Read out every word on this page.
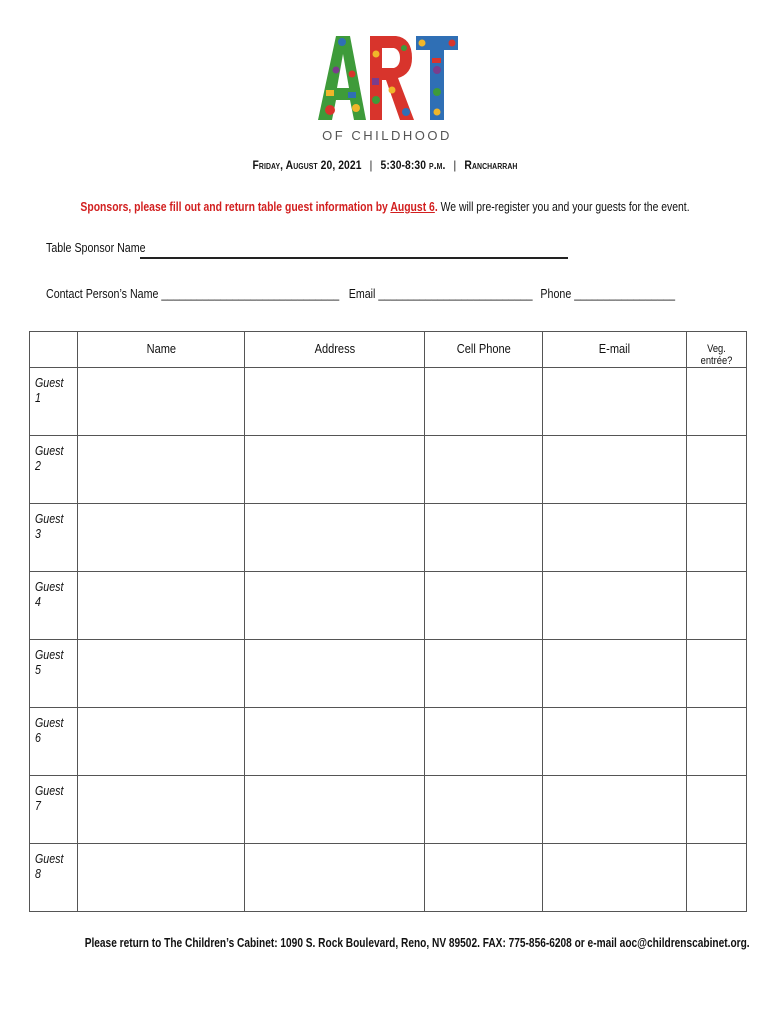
OF CHILDHOOD
Friday, August 20, 2021 | 5:30-8:30 p.m. | Rancharrah
Sponsors, please fill out and return table guest information by August 6. We will pre-register you and your guests for the event.
Table Sponsor Name
Contact Person’s Name ______________________________ Email __________________________ Phone _________________
	Name	Address	Cell Phone	E-mail	Veg. entrée?
Guest 1					
Guest 2					
Guest 3					
Guest 4					
Guest 5					
Guest 6					
Guest 7					
Guest 8					
Please return to The Children’s Cabinet: 1090 S. Rock Boulevard, Reno, NV 89502. FAX: 775-856-6208 or e-mail aoc@childrenscabinet.org.
